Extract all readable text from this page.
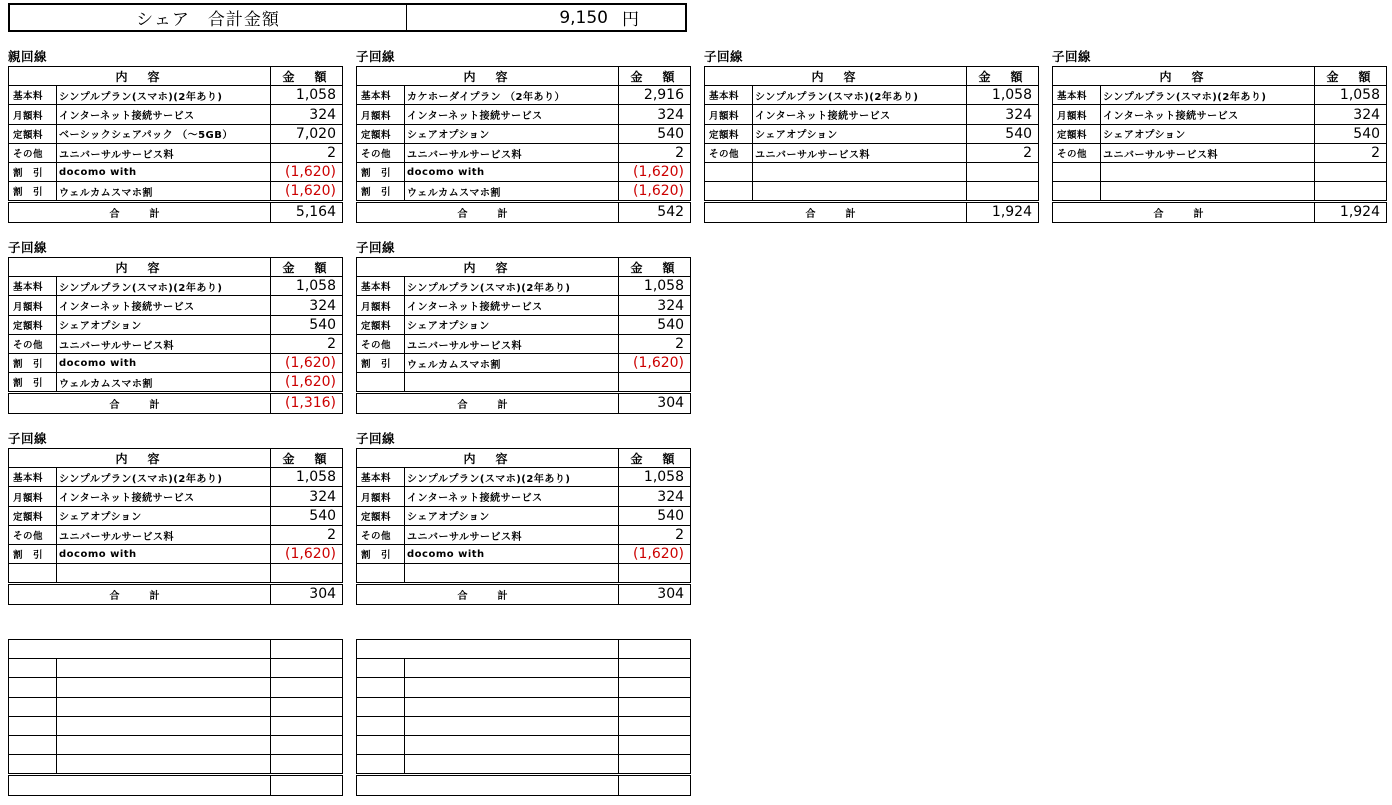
シェア　合計金額	9,150 円
親回線
内　容		金　額
基本料	シンプルプラン(スマホ)(2年あり)	1,058
月額料	インターネット接続サービス	324
定額料	ベーシックシェアパック （～5GB）	7,020
その他	ユニバーサルサービス料	2
割　引	docomo with	(1,620)
割　引	ウェルカムスマホ割	(1,620)
合　計		5,164
子回線
内　容		金　額
基本料	カケホーダイプラン （2年あり）	2,916
月額料	インターネット接続サービス	324
定額料	シェアオプション	540
その他	ユニバーサルサービス料	2
割　引	docomo with	(1,620)
割　引	ウェルカムスマホ割	(1,620)
合　計		542
子回線
内　容		金　額
基本料	シンプルプラン(スマホ)(2年あり)	1,058
月額料	インターネット接続サービス	324
定額料	シェアオプション	540
その他	ユニバーサルサービス料	2

合　計		1,924
子回線
内　容		金　額
基本料	シンプルプラン(スマホ)(2年あり)	1,058
月額料	インターネット接続サービス	324
定額料	シェアオプション	540
その他	ユニバーサルサービス料	2

合　計		1,924
子回線
内　容		金　額
基本料	シンプルプラン(スマホ)(2年あり)	1,058
月額料	インターネット接続サービス	324
定額料	シェアオプション	540
その他	ユニバーサルサービス料	2
割　引	docomo with	(1,620)
割　引	ウェルカムスマホ割	(1,620)
合　計		(1,316)
子回線
内　容		金　額
基本料	シンプルプラン(スマホ)(2年あり)	1,058
月額料	インターネット接続サービス	324
定額料	シェアオプション	540
その他	ユニバーサルサービス料	2
割　引	ウェルカムスマホ割	(1,620)

合　計		304
子回線
内　容		金　額
基本料	シンプルプラン(スマホ)(2年あり)	1,058
月額料	インターネット接続サービス	324
定額料	シェアオプション	540
その他	ユニバーサルサービス料	2
割　引	docomo with	(1,620)

合　計		304
子回線
内　容		金　額
基本料	シンプルプラン(スマホ)(2年あり)	1,058
月額料	インターネット接続サービス	324
定額料	シェアオプション	540
その他	ユニバーサルサービス料	2
割　引	docomo with	(1,620)

合　計		304
